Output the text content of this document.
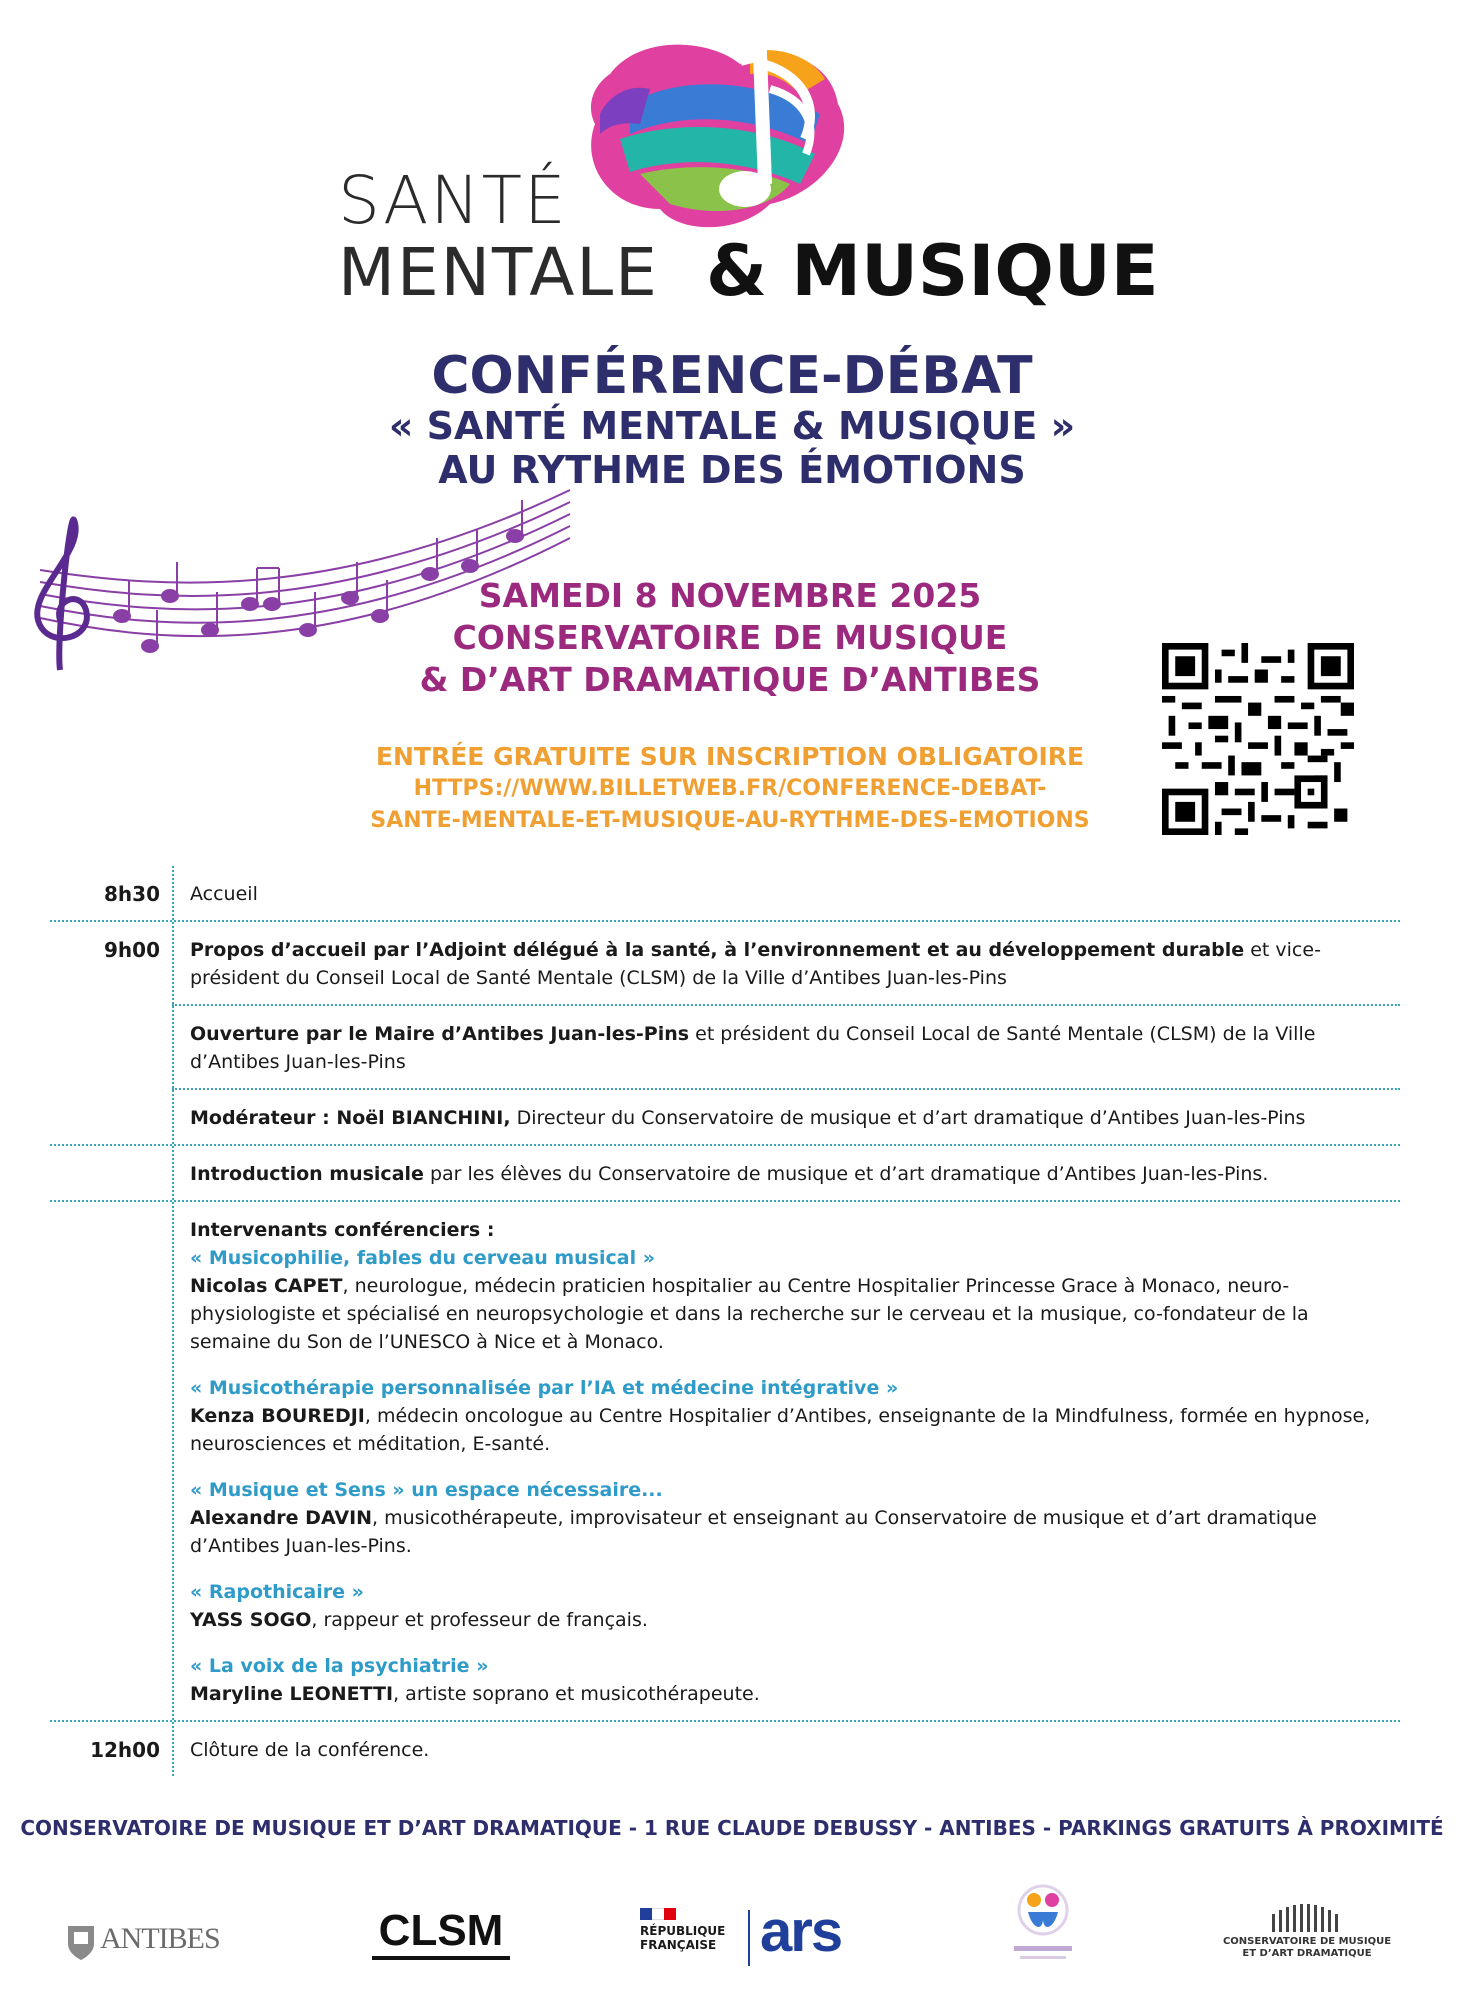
SANTÉ
MENTALE & MUSIQUE
CONFÉRENCE-DÉBAT
« SANTÉ MENTALE & MUSIQUE »
AU RYTHME DES ÉMOTIONS
SAMEDI 8 NOVEMBRE 2025
CONSERVATOIRE DE MUSIQUE
& D’ART DRAMATIQUE D’ANTIBES
ENTRÉE GRATUITE SUR INSCRIPTION OBLIGATOIRE
HTTPS://WWW.BILLETWEB.FR/CONFERENCE-DEBAT-
SANTE-MENTALE-ET-MUSIQUE-AU-RYTHME-DES-EMOTIONS
8h30	Accueil
9h00	Propos d’accueil par l’Adjoint délégué à la santé, à l’environnement et au développement durable et vice-président du Conseil Local de Santé Mentale (CLSM) de la Ville d’Antibes Juan-les-Pins
Ouverture par le Maire d’Antibes Juan-les-Pins et président du Conseil Local de Santé Mentale (CLSM) de la Ville d’Antibes Juan-les-Pins
Modérateur : Noël BIANCHINI, Directeur du Conservatoire de musique et d’art dramatique d’Antibes Juan-les-Pins
Introduction musicale par les élèves du Conservatoire de musique et d’art dramatique d’Antibes Juan-les-Pins.
Intervenants conférenciers :
« Musicophilie, fables du cerveau musical »
Nicolas CAPET, neurologue, médecin praticien hospitalier au Centre Hospitalier Princesse Grace à Monaco, neuro-physiologiste et spécialisé en neuropsychologie et dans la recherche sur le cerveau et la musique, co-fondateur de la semaine du Son de l’UNESCO à Nice et à Monaco.
« Musicothérapie personnalisée par l’IA et médecine intégrative »
Kenza BOUREDJI, médecin oncologue au Centre Hospitalier d’Antibes, enseignante de la Mindfulness, formée en hypnose, neurosciences et méditation, E-santé.
« Musique et Sens » un espace nécessaire...
Alexandre DAVIN, musicothérapeute, improvisateur et enseignant au Conservatoire de musique et d’art dramatique d’Antibes Juan-les-Pins.
« Rapothicaire »
YASS SOGO, rappeur et professeur de français.
« La voix de la psychiatrie »
Maryline LEONETTI, artiste soprano et musicothérapeute.
12h00	Clôture de la conférence.
CONSERVATOIRE DE MUSIQUE ET D’ART DRAMATIQUE - 1 RUE CLAUDE DEBUSSY - ANTIBES - PARKINGS GRATUITS À PROXIMITÉ
ANTIBES	CLSM	RÉPUBLIQUE FRANÇAISE ars	CONSERVATOIRE DE MUSIQUE ET D’ART DRAMATIQUE
